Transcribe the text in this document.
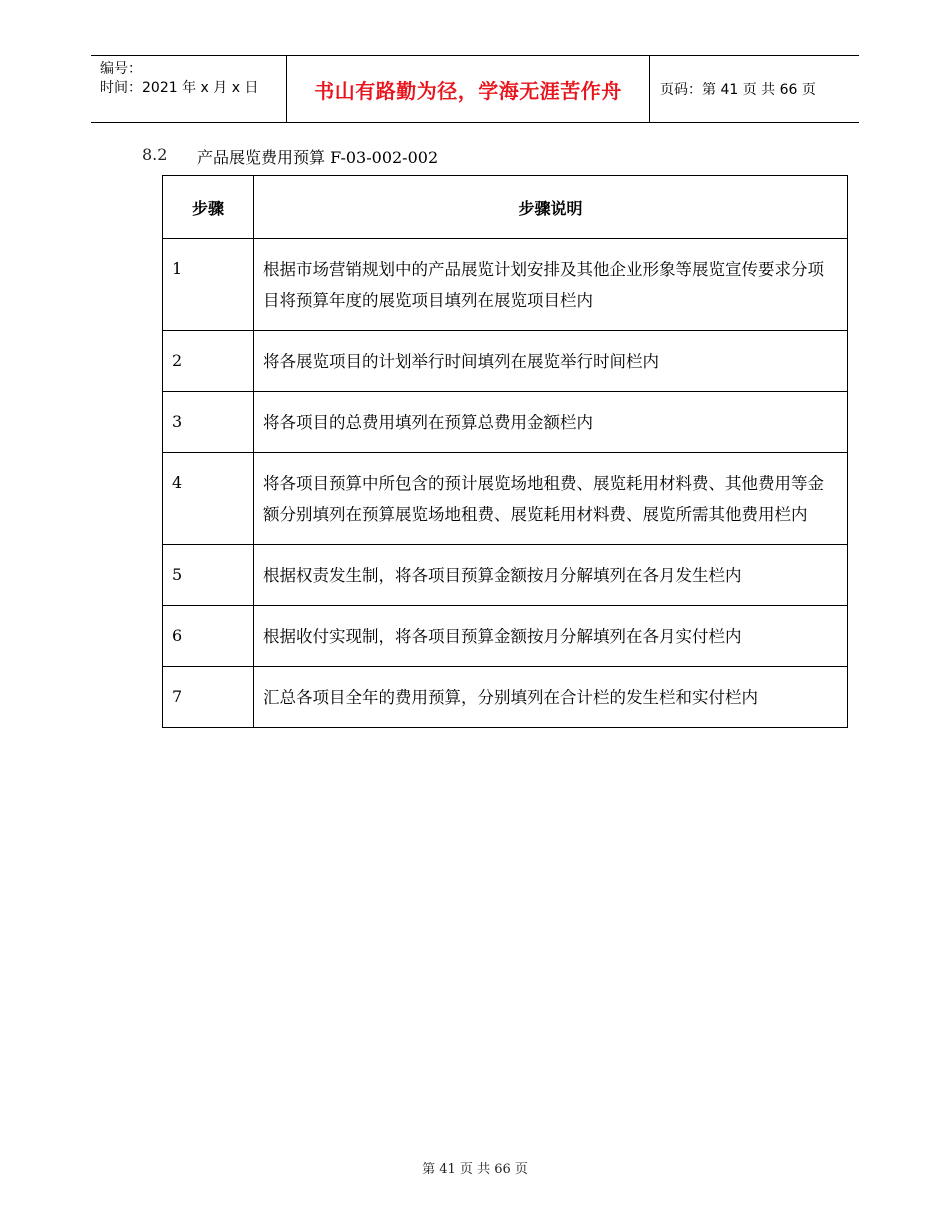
编号：
时间：2021 年 x 月 x 日	书山有路勤为径，学海无涯苦作舟	页码：第 41 页 共 66 页
8.2	产品展览费用预算 F-03-002-002
步骤	步骤说明
1	根据市场营销规划中的产品展览计划安排及其他企业形象等展览宣传要求分项目将预算年度的展览项目填列在展览项目栏内
2	将各展览项目的计划举行时间填列在展览举行时间栏内
3	将各项目的总费用填列在预算总费用金额栏内
4	将各项目预算中所包含的预计展览场地租费、展览耗用材料费、其他费用等金额分别填列在预算展览场地租费、展览耗用材料费、展览所需其他费用栏内
5	根据权责发生制，将各项目预算金额按月分解填列在各月发生栏内
6	根据收付实现制，将各项目预算金额按月分解填列在各月实付栏内
7	汇总各项目全年的费用预算，分别填列在合计栏的发生栏和实付栏内
第 41 页 共 66 页
